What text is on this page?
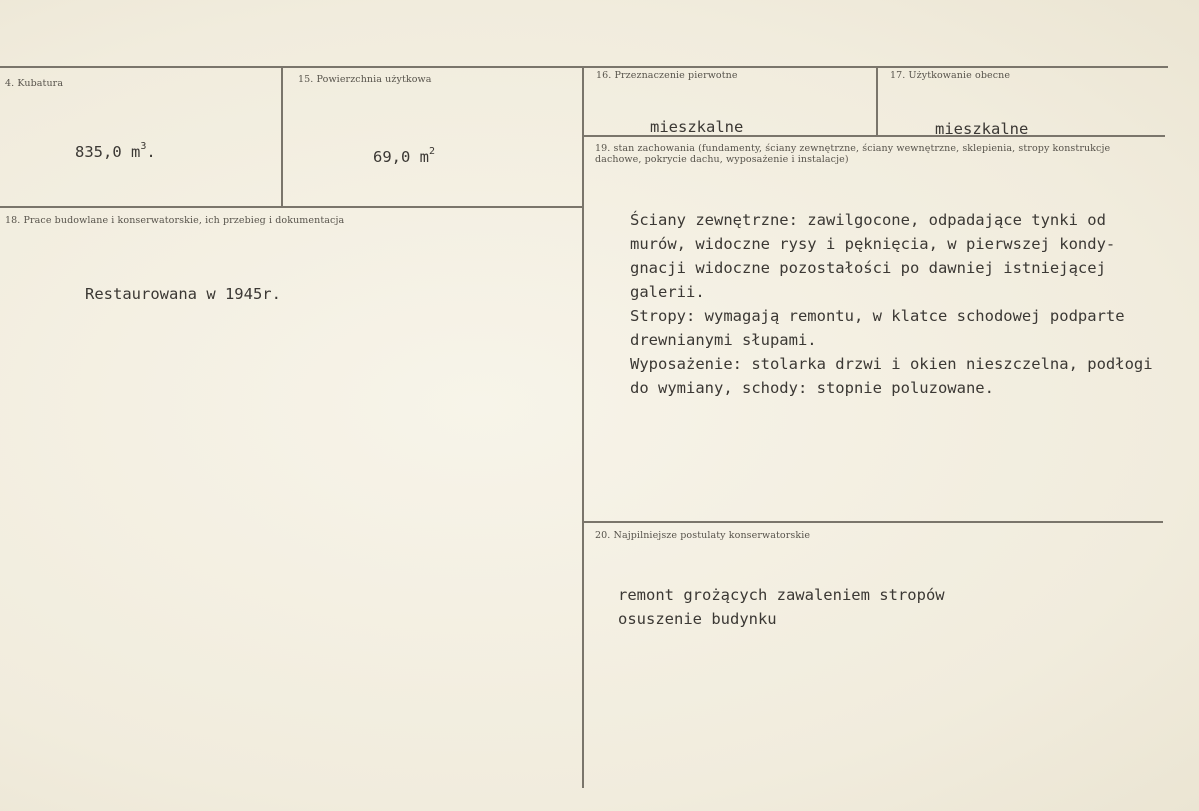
4. Kubatura
835,0 $m^3$.
15. Powierzchnia użytkowa
69,0 $m^2$
16. Przeznaczenie pierwotne
mieszkalne
17. Użytkowanie obecne
mieszkalne
18. Prace budowlane i konserwatorskie, ich przebieg i dokumentacja
Restaurowana w 1945r.
19. stan zachowania (fundamenty, ściany zewnętrzne, ściany wewnętrzne, sklepienia, stropy konstrukcje dachowe, pokrycie dachu, wyposażenie i instalacje)
Ściany zewnętrzne: zawilgocone, odpadające tynki od
murów, widoczne rysy i pęknięcia, w pierwszej kondy-
gnacji widoczne pozostałości po dawniej istniejącej
galerii.
Stropy: wymagają remontu, w klatce schodowej podparte
drewnianymi słupami.
Wyposażenie: stolarka drzwi i okien nieszczelna, podłogi
do wymiany, schody: stopnie poluzowane.
20. Najpilniejsze postulaty konserwatorskie
remont grożących zawaleniem stropów
osuszenie budynku
